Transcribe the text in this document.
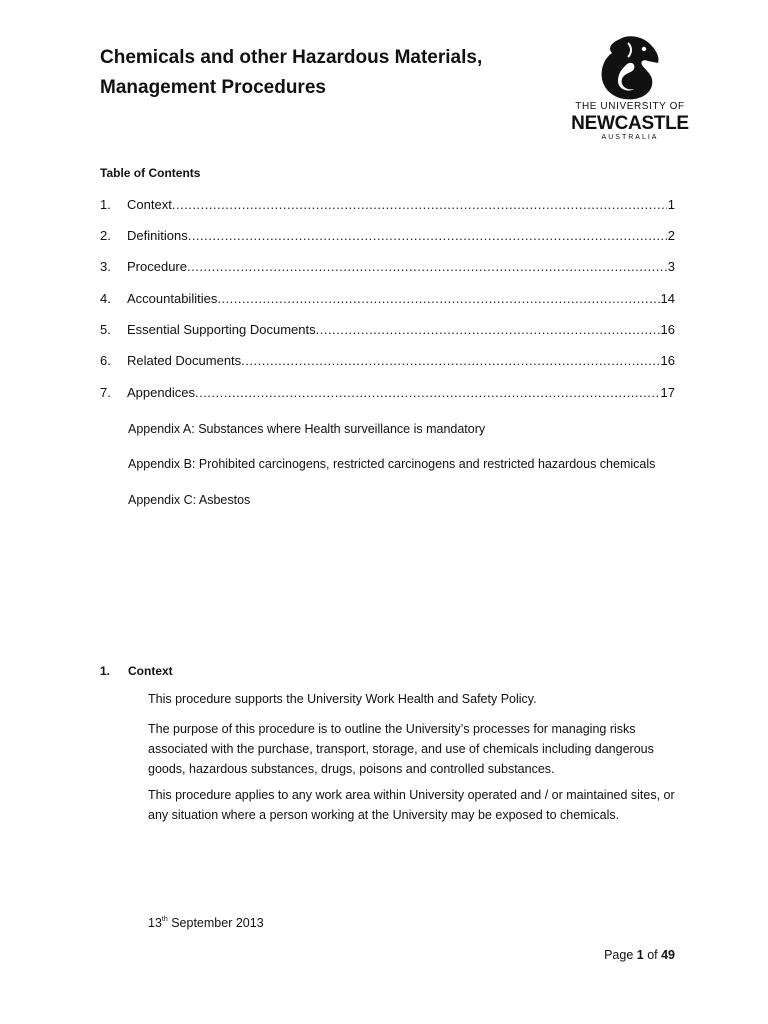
Chemicals and other Hazardous Materials,
Management Procedures
THE UNIVERSITY OF
NEWCASTLE
AUSTRALIA
Table of Contents
1.	Context .....	1
2.	Definitions .....	2
3.	Procedure .....	3
4.	Accountabilities .....	14
5.	Essential Supporting Documents .....	16
6.	Related Documents .....	16
7.	Appendices .....	17
Appendix A: Substances where Health surveillance is mandatory
Appendix B: Prohibited carcinogens, restricted carcinogens and restricted hazardous chemicals
Appendix C: Asbestos
1. Context
This procedure supports the University Work Health and Safety Policy.
The purpose of this procedure is to outline the University’s processes for managing risks associated with the purchase, transport, storage, and use of chemicals including dangerous goods, hazardous substances, drugs, poisons and controlled substances.
This procedure applies to any work area within University operated and / or maintained sites, or any situation where a person working at the University may be exposed to chemicals.
13th September 2013
Page 1 of 49
